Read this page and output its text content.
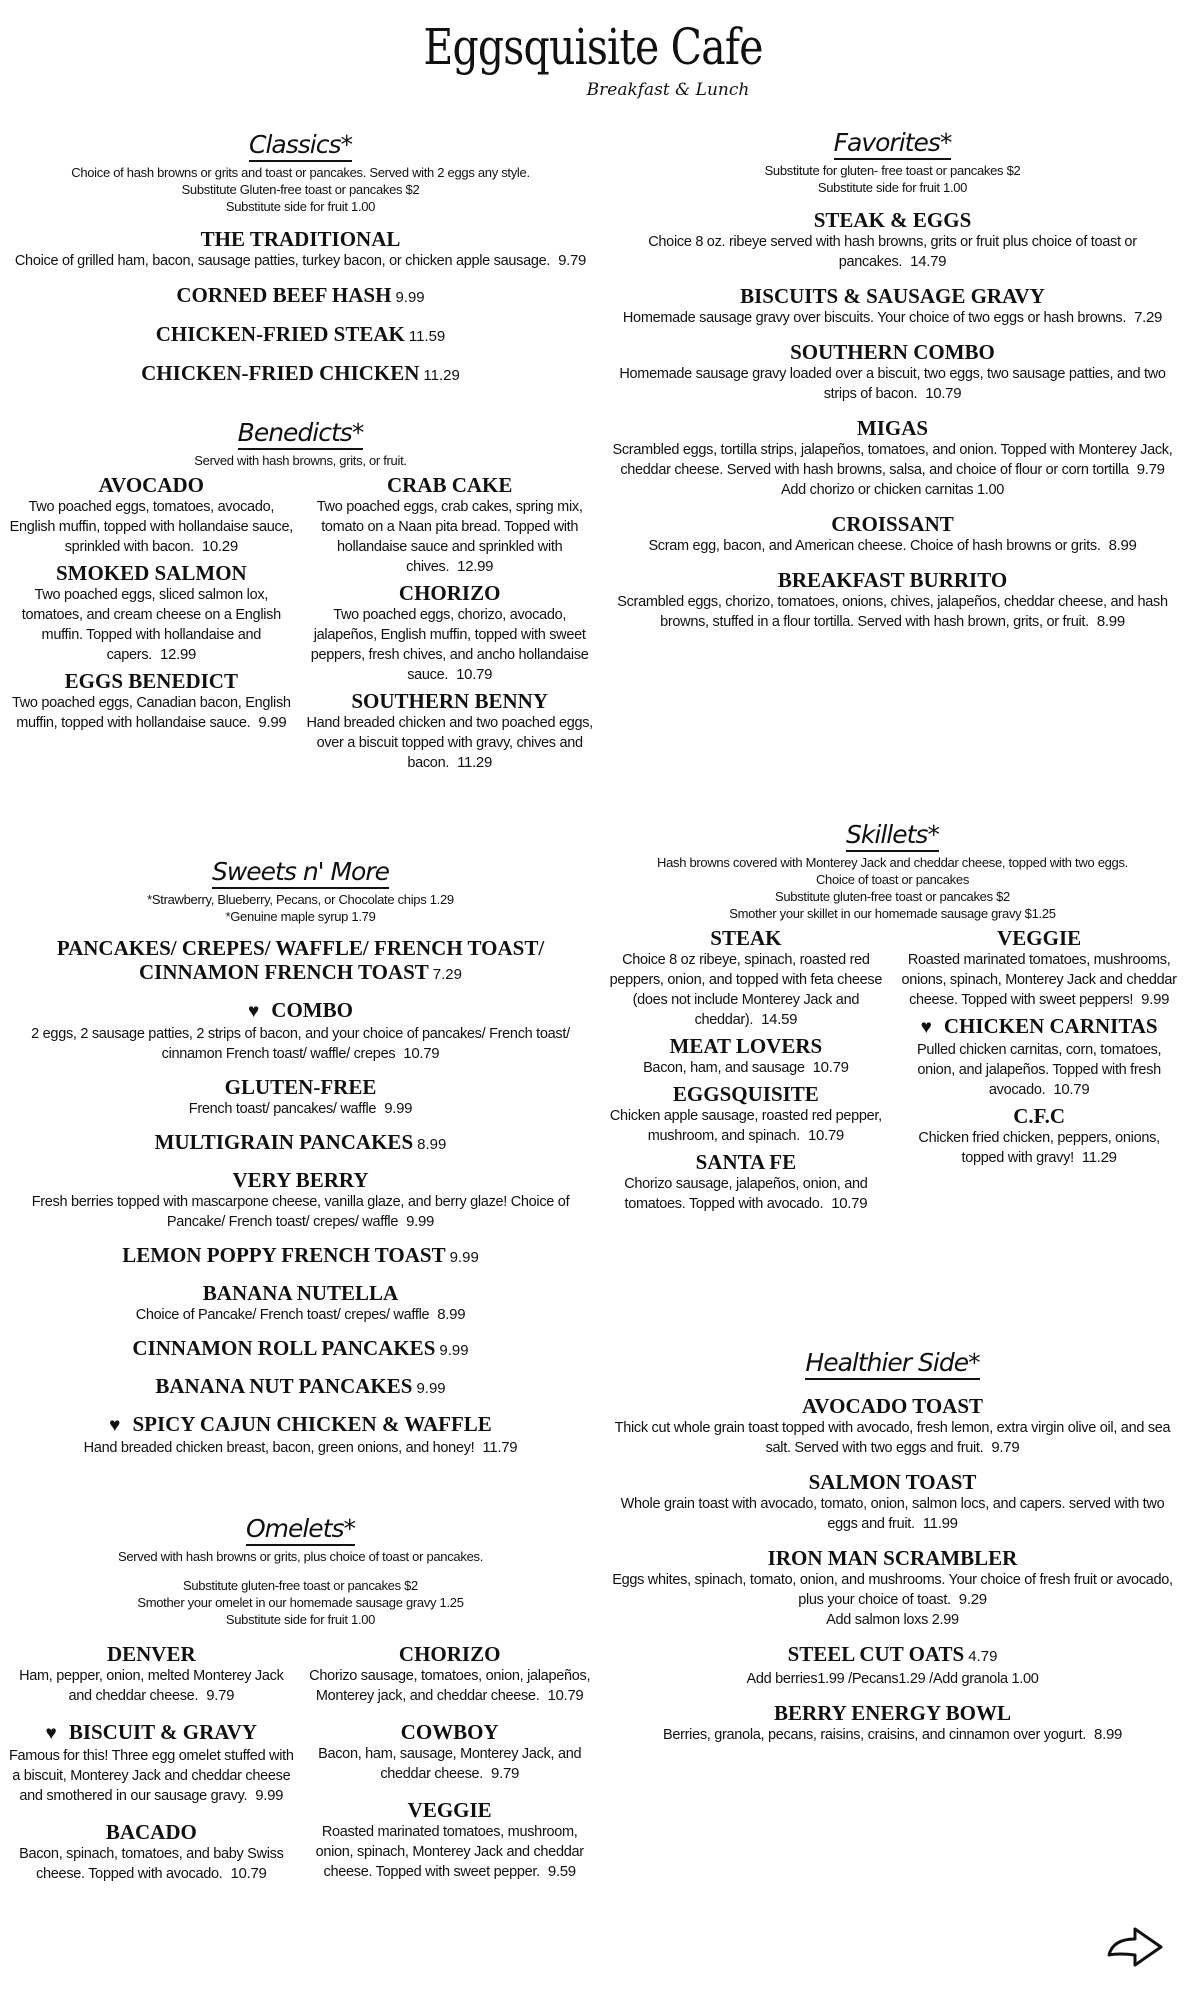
Eggsquisite Cafe
Breakfast & Lunch
Classics*
Choice of hash browns or grits and toast or pancakes. Served with 2 eggs any style.
Substitute Gluten-free toast or pancakes $2
Substitute side for fruit 1.00
THE TRADITIONAL
Choice of grilled ham, bacon, sausage patties, turkey bacon, or chicken apple sausage. 9.79
CORNED BEEF HASH 9.99
CHICKEN-FRIED STEAK 11.59
CHICKEN-FRIED CHICKEN 11.29
Benedicts*
Served with hash browns, grits, or fruit.
AVOCADO
Two poached eggs, tomatoes, avocado, English muffin, topped with hollandaise sauce, sprinkled with bacon. 10.29
SMOKED SALMON
Two poached eggs, sliced salmon lox, tomatoes, and cream cheese on a English muffin. Topped with hollandaise and capers. 12.99
EGGS BENEDICT
Two poached eggs, Canadian bacon, English muffin, topped with hollandaise sauce. 9.99
CRAB CAKE
Two poached eggs, crab cakes, spring mix, tomato on a Naan pita bread. Topped with hollandaise sauce and sprinkled with chives. 12.99
CHORIZO
Two poached eggs, chorizo, avocado, jalapeños, English muffin, topped with sweet peppers, fresh chives, and ancho hollandaise sauce. 10.79
SOUTHERN BENNY
Hand breaded chicken and two poached eggs, over a biscuit topped with gravy, chives and bacon. 11.29
Sweets n' More
*Strawberry, Blueberry, Pecans, or Chocolate chips 1.29
*Genuine maple syrup 1.79
PANCAKES/ CREPES/ WAFFLE/ FRENCH TOAST/ CINNAMON FRENCH TOAST 7.29
♥ COMBO
2 eggs, 2 sausage patties, 2 strips of bacon, and your choice of pancakes/ French toast/ cinnamon French toast/ waffle/ crepes 10.79
GLUTEN-FREE
French toast/ pancakes/ waffle 9.99
MULTIGRAIN PANCAKES 8.99
VERY BERRY
Fresh berries topped with mascarpone cheese, vanilla glaze, and berry glaze! Choice of Pancake/ French toast/ crepes/ waffle 9.99
LEMON POPPY FRENCH TOAST 9.99
BANANA NUTELLA
Choice of Pancake/ French toast/ crepes/ waffle 8.99
CINNAMON ROLL PANCAKES 9.99
BANANA NUT PANCAKES 9.99
♥ SPICY CAJUN CHICKEN & WAFFLE
Hand breaded chicken breast, bacon, green onions, and honey! 11.79
Omelets*
Served with hash browns or grits, plus choice of toast or pancakes.
Substitute gluten-free toast or pancakes $2
Smother your omelet in our homemade sausage gravy 1.25
Substitute side for fruit 1.00
DENVER
Ham, pepper, onion, melted Monterey Jack and cheddar cheese. 9.79
♥ BISCUIT & GRAVY
Famous for this! Three egg omelet stuffed with a biscuit, Monterey Jack and cheddar cheese and smothered in our sausage gravy. 9.99
BACADO
Bacon, spinach, tomatoes, and baby Swiss cheese. Topped with avocado. 10.79
CHORIZO
Chorizo sausage, tomatoes, onion, jalapeños, Monterey jack, and cheddar cheese. 10.79
COWBOY
Bacon, ham, sausage, Monterey Jack, and cheddar cheese. 9.79
VEGGIE
Roasted marinated tomatoes, mushroom, onion, spinach, Monterey Jack and cheddar cheese. Topped with sweet pepper. 9.59
Favorites*
Substitute for gluten- free toast or pancakes $2
Substitute side for fruit 1.00
STEAK & EGGS
Choice 8 oz. ribeye served with hash browns, grits or fruit plus choice of toast or pancakes. 14.79
BISCUITS & SAUSAGE GRAVY
Homemade sausage gravy over biscuits. Your choice of two eggs or hash browns. 7.29
SOUTHERN COMBO
Homemade sausage gravy loaded over a biscuit, two eggs, two sausage patties, and two strips of bacon. 10.79
MIGAS
Scrambled eggs, tortilla strips, jalapeños, tomatoes, and onion. Topped with Monterey Jack, cheddar cheese. Served with hash browns, salsa, and choice of flour or corn tortilla 9.79
Add chorizo or chicken carnitas 1.00
CROISSANT
Scram egg, bacon, and American cheese. Choice of hash browns or grits. 8.99
BREAKFAST BURRITO
Scrambled eggs, chorizo, tomatoes, onions, chives, jalapeños, cheddar cheese, and hash browns, stuffed in a flour tortilla. Served with hash brown, grits, or fruit. 8.99
Skillets*
Hash browns covered with Monterey Jack and cheddar cheese, topped with two eggs.
Choice of toast or pancakes
Substitute gluten-free toast or pancakes $2
Smother your skillet in our homemade sausage gravy $1.25
STEAK
Choice 8 oz ribeye, spinach, roasted red peppers, onion, and topped with feta cheese (does not include Monterey Jack and cheddar). 14.59
MEAT LOVERS
Bacon, ham, and sausage 10.79
EGGSQUISITE
Chicken apple sausage, roasted red pepper, mushroom, and spinach. 10.79
SANTA FE
Chorizo sausage, jalapeños, onion, and tomatoes. Topped with avocado. 10.79
VEGGIE
Roasted marinated tomatoes, mushrooms, onions, spinach, Monterey Jack and cheddar cheese. Topped with sweet peppers! 9.99
♥ CHICKEN CARNITAS
Pulled chicken carnitas, corn, tomatoes, onion, and jalapeños. Topped with fresh avocado. 10.79
C.F.C
Chicken fried chicken, peppers, onions, topped with gravy! 11.29
Healthier Side*
AVOCADO TOAST
Thick cut whole grain toast topped with avocado, fresh lemon, extra virgin olive oil, and sea salt. Served with two eggs and fruit. 9.79
SALMON TOAST
Whole grain toast with avocado, tomato, onion, salmon locs, and capers. served with two eggs and fruit. 11.99
IRON MAN SCRAMBLER
Eggs whites, spinach, tomato, onion, and mushrooms. Your choice of fresh fruit or avocado, plus your choice of toast. 9.29
Add salmon loxs 2.99
STEEL CUT OATS 4.79
Add berries1.99 /Pecans1.29 /Add granola 1.00
BERRY ENERGY BOWL
Berries, granola, pecans, raisins, craisins, and cinnamon over yogurt. 8.99
